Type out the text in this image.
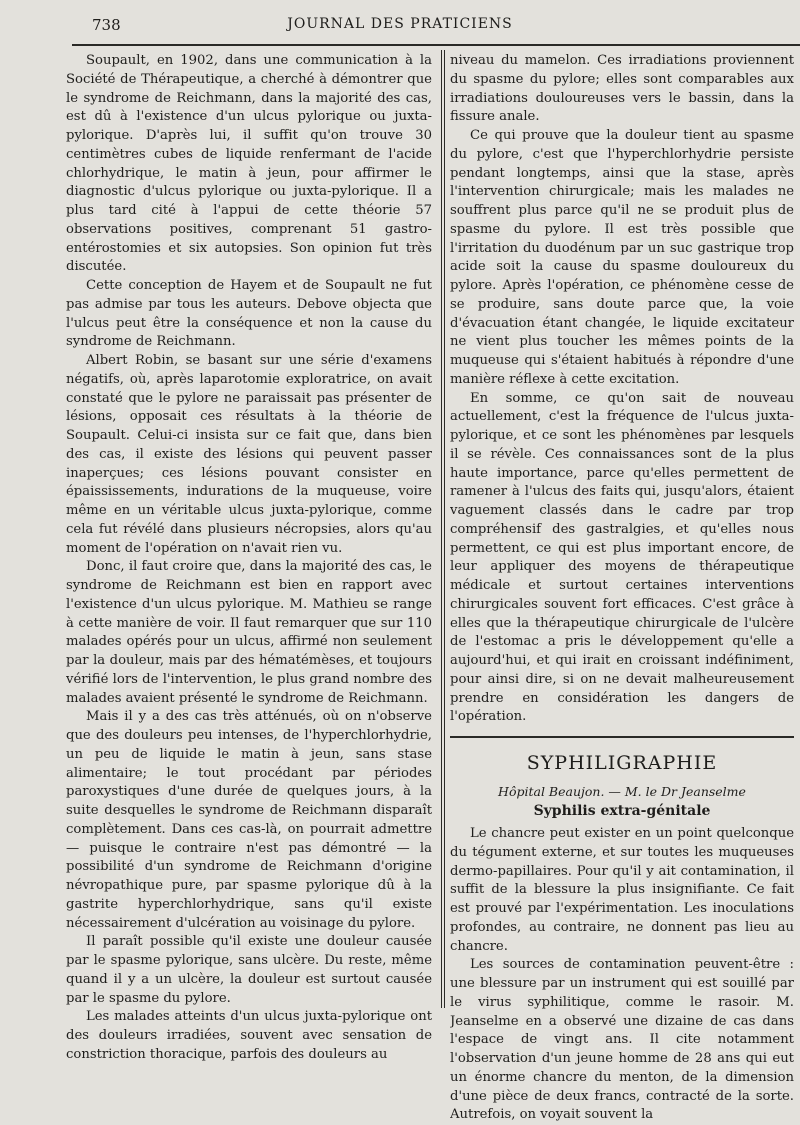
738	JOURNAL DES PRATICIENS

Soupault, en 1902, dans une communication à la Société de Thérapeutique, a cherché à démontrer que le syndrome de Reichmann, dans la majorité des cas, est dû à l'existence d'un ulcus pylorique ou juxta-pylorique. D'après lui, il suffit qu'on trouve 30 centimètres cubes de liquide renfermant de l'acide chlorhydrique, le matin à jeun, pour affirmer le diagnostic d'ulcus pylorique ou juxta-pylorique. Il a plus tard cité à l'appui de cette théorie 57 observations positives, comprenant 51 gastro-entérostomies et six autopsies. Son opinion fut très discutée.

Cette conception de Hayem et de Soupault ne fut pas admise par tous les auteurs. Debove objecta que l'ulcus peut être la conséquence et non la cause du syndrome de Reichmann.

Albert Robin, se basant sur une série d'examens négatifs, où, après laparotomie exploratrice, on avait constaté que le pylore ne paraissait pas présenter de lésions, opposait ces résultats à la théorie de Soupault. Celui-ci insista sur ce fait que, dans bien des cas, il existe des lésions qui peuvent passer inaperçues; ces lésions pouvant consister en épaississements, indurations de la muqueuse, voire même en un véritable ulcus juxta-pylorique, comme cela fut révélé dans plusieurs nécropsies, alors qu'au moment de l'opération on n'avait rien vu.

Donc, il faut croire que, dans la majorité des cas, le syndrome de Reichmann est bien en rapport avec l'existence d'un ulcus pylorique. M. Mathieu se range à cette manière de voir. Il faut remarquer que sur 110 malades opérés pour un ulcus, affirmé non seulement par la douleur, mais par des hématémèses, et toujours vérifié lors de l'intervention, le plus grand nombre des malades avaient présenté le syndrome de Reichmann.

Mais il y a des cas très atténués, où on n'observe que des douleurs peu intenses, de l'hyperchlorhydrie, un peu de liquide le matin à jeun, sans stase alimentaire; le tout procédant par périodes paroxystiques d'une durée de quelques jours, à la suite desquelles le syndrome de Reichmann disparaît complètement. Dans ces cas-là, on pourrait admettre — puisque le contraire n'est pas démontré — la possibilité d'un syndrome de Reichmann d'origine névropathique pure, par spasme pylorique dû à la gastrite hyperchlorhydrique, sans qu'il existe nécessairement d'ulcération au voisinage du pylore.

Il paraît possible qu'il existe une douleur causée par le spasme pylorique, sans ulcère. Du reste, même quand il y a un ulcère, la douleur est surtout causée par le spasme du pylore.

Les malades atteints d'un ulcus juxta-pylorique ont des douleurs irradiées, souvent avec sensation de constriction thoracique, parfois des douleurs au

niveau du mamelon. Ces irradiations proviennent du spasme du pylore; elles sont comparables aux irradiations douloureuses vers le bassin, dans la fissure anale.

Ce qui prouve que la douleur tient au spasme du pylore, c'est que l'hyperchlorhydrie persiste pendant longtemps, ainsi que la stase, après l'intervention chirurgicale; mais les malades ne souffrent plus parce qu'il ne se produit plus de spasme du pylore. Il est très possible que l'irritation du duodénum par un suc gastrique trop acide soit la cause du spasme douloureux du pylore. Après l'opération, ce phénomène cesse de se produire, sans doute parce que, la voie d'évacuation étant changée, le liquide excitateur ne vient plus toucher les mêmes points de la muqueuse qui s'étaient habitués à répondre d'une manière réflexe à cette excitation.

En somme, ce qu'on sait de nouveau actuellement, c'est la fréquence de l'ulcus juxta-pylorique, et ce sont les phénomènes par lesquels il se révèle. Ces connaissances sont de la plus haute importance, parce qu'elles permettent de ramener à l'ulcus des faits qui, jusqu'alors, étaient vaguement classés dans le cadre par trop compréhensif des gastralgies, et qu'elles nous permettent, ce qui est plus important encore, de leur appliquer des moyens de thérapeutique médicale et surtout certaines interventions chirurgicales souvent fort efficaces. C'est grâce à elles que la thérapeutique chirurgicale de l'ulcère de l'estomac a pris le développement qu'elle a aujourd'hui, et qui irait en croissant indéfiniment, pour ainsi dire, si on ne devait malheureusement prendre en considération les dangers de l'opération.

SYPHILIGRAPHIE
Hôpital Beaujon. — M. le Dr Jeanselme
Syphilis extra-génitale

Le chancre peut exister en un point quelconque du tégument externe, et sur toutes les muqueuses dermo-papillaires. Pour qu'il y ait contamination, il suffit de la blessure la plus insignifiante. Ce fait est prouvé par l'expérimentation. Les inoculations profondes, au contraire, ne donnent pas lieu au chancre.

Les sources de contamination peuvent-être : une blessure par un instrument qui est souillé par le virus syphilitique, comme le rasoir. M. Jeanselme en a observé une dizaine de cas dans l'espace de vingt ans. Il cite notamment l'observation d'un jeune homme de 28 ans qui eut un énorme chancre du menton, de la dimension d'une pièce de deux francs, contracté de la sorte. Autrefois, on voyait souvent la
